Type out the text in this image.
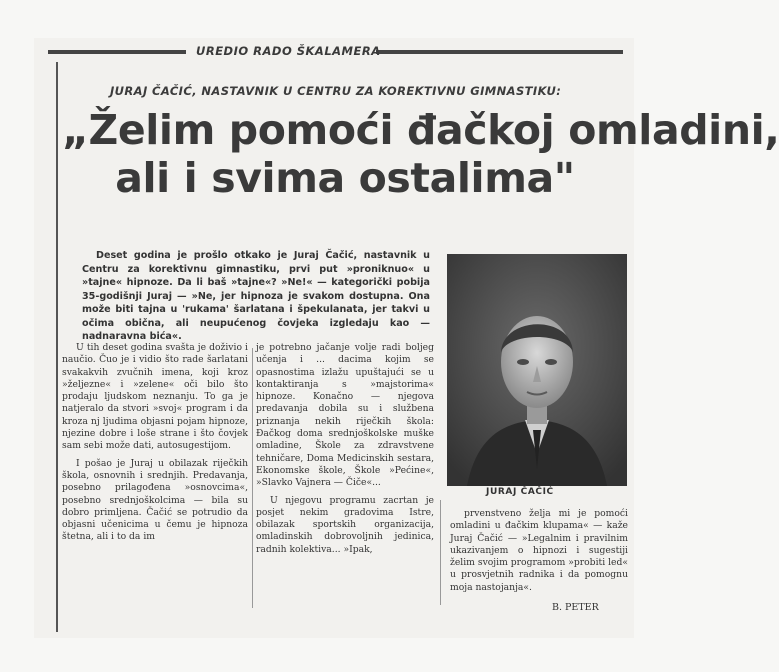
UREDIO RADO ŠKALAMERA
JURAJ ČAČIĆ, NASTAVNIK U CENTRU ZA KOREKTIVNU GIMNASTIKU:
„Želim pomoći đačkoj omladini,
ali i svima ostalima"

Deset godina je prošlo otkako je Juraj Čačić, nastavnik u Centru za korektivnu gimnastiku, prvi put »proniknuo« u »tajne« hipnoze. Da li baš »tajne«? »Ne!« — kategorički pobija 35-godišnji Juraj — »Ne, jer hipnoza je svakom dostupna. Ona može biti tajna u 'rukama' šarlatana i špekulanata, jer takvi u očima obična, ali neupućenog čovjeka izgledaju kao — nadnaravna bića«.

JURAJ ČAČIĆ

U tih deset godina svašta je doživio i naučio. Čuo je i vidio što rade šarlatani svakakvih zvučnih imena, koji kroz »željezne« i »zelene« oči bilo što prodaju ljudskom neznanju. To ga je natjeralo da stvori »svoj« program i da kroza nj ljudima objasni pojam hipnoze, njezine dobre i loše strane i što čovjek sam sebi može dati, autosugestijom.

I pošao je Juraj u obilazak riječkih škola, osnovnih i srednjih. Predavanja, posebno prilagođena »osnovcima«, posebno srednjoškolcima — bila su dobro primljena. Čačić se potrudio da objasni učenicima u čemu je hipnoza štetna, ali i to da im

je potrebno jačanje volje radi boljeg učenja i ... dacima kojim se opasnostima izlažu upuštajući se u kontaktiranja s »majstorima« hipnoze. Konačno — njegova predavanja dobila su i službena priznanja nekih riječkih škola: Đačkog doma srednjoškolske muške omladine, Škole za zdravstvene tehničare, Doma Medicinskih sestara, Ekonomske škole, Škole »Pećine«, »Slavko Vajnera — Čiče«...

U njegovu programu zacrtan je posjet nekim gradovima Istre, obilazak sportskih organizacija, omladinskih dobrovoljnih jedinica, radnih kolektiva... »Ipak,

prvenstveno želja mi je pomoći omladini u đačkim klupama« — kaže Juraj Čačić — »Legalnim i pravilnim ukazivanjem o hipnozi i sugestiji želim svojim programom »probiti led« u prosvjetnih radnika i da pomognu moja nastojanja«.

B. PETER
